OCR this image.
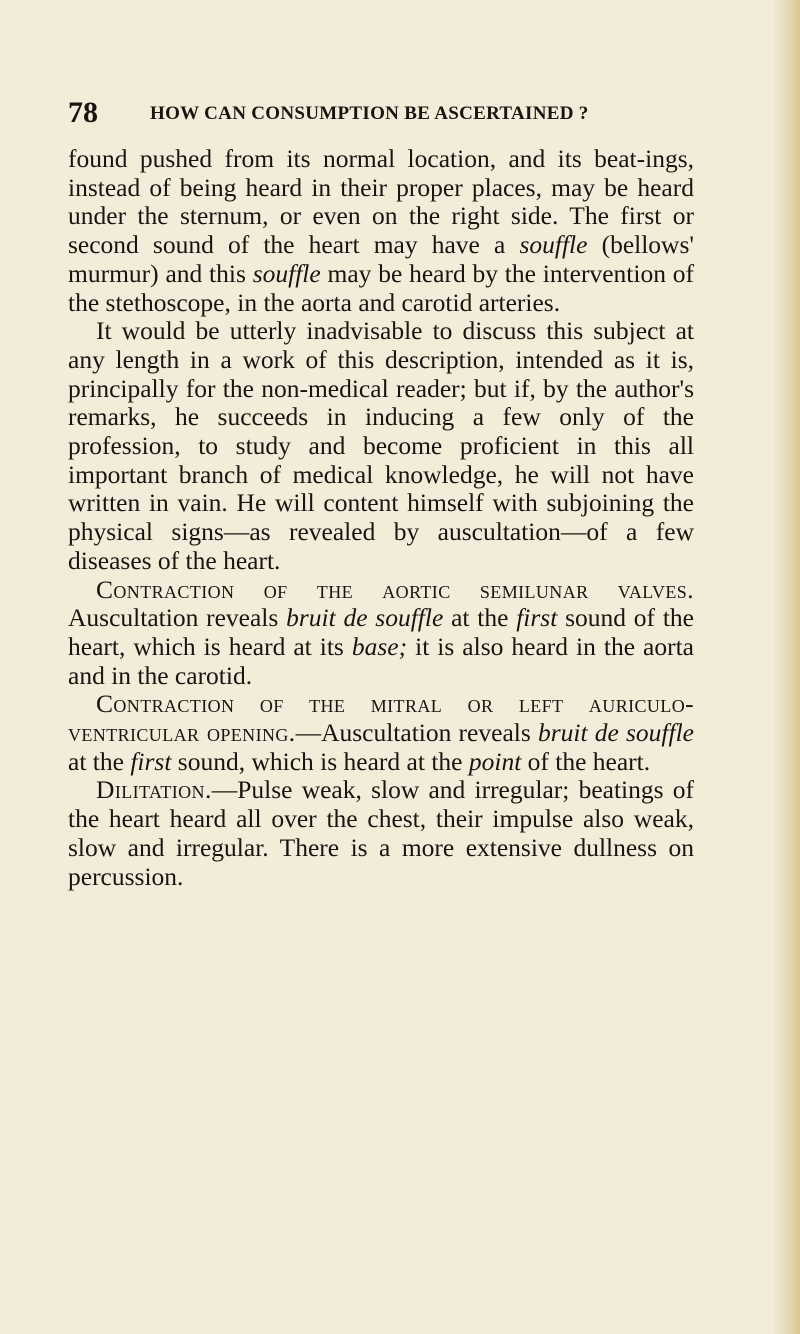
78	HOW CAN CONSUMPTION BE ASCERTAINED ?

found pushed from its normal location, and its beat-ings, instead of being heard in their proper places, may be heard under the sternum, or even on the right side. The first or second sound of the heart may have a souffle (bellows' murmur) and this souffle may be heard by the intervention of the stethoscope, in the aorta and carotid arteries.

It would be utterly inadvisable to discuss this subject at any length in a work of this description, intended as it is, principally for the non-medical reader; but if, by the author's remarks, he succeeds in inducing a few only of the profession, to study and become proficient in this all important branch of medical knowledge, he will not have written in vain. He will content himself with subjoining the physical signs—as revealed by auscultation—of a few diseases of the heart.

Contraction of the aortic semilunar valves. Auscultation reveals bruit de souffle at the first sound of the heart, which is heard at its base; it is also heard in the aorta and in the carotid.

Contraction of the mitral or left auriculo-ventricular opening.—Auscultation reveals bruit de souffle at the first sound, which is heard at the point of the heart.

Dilitation.—Pulse weak, slow and irregular; beatings of the heart heard all over the chest, their impulse also weak, slow and irregular. There is a more extensive dullness on percussion.
